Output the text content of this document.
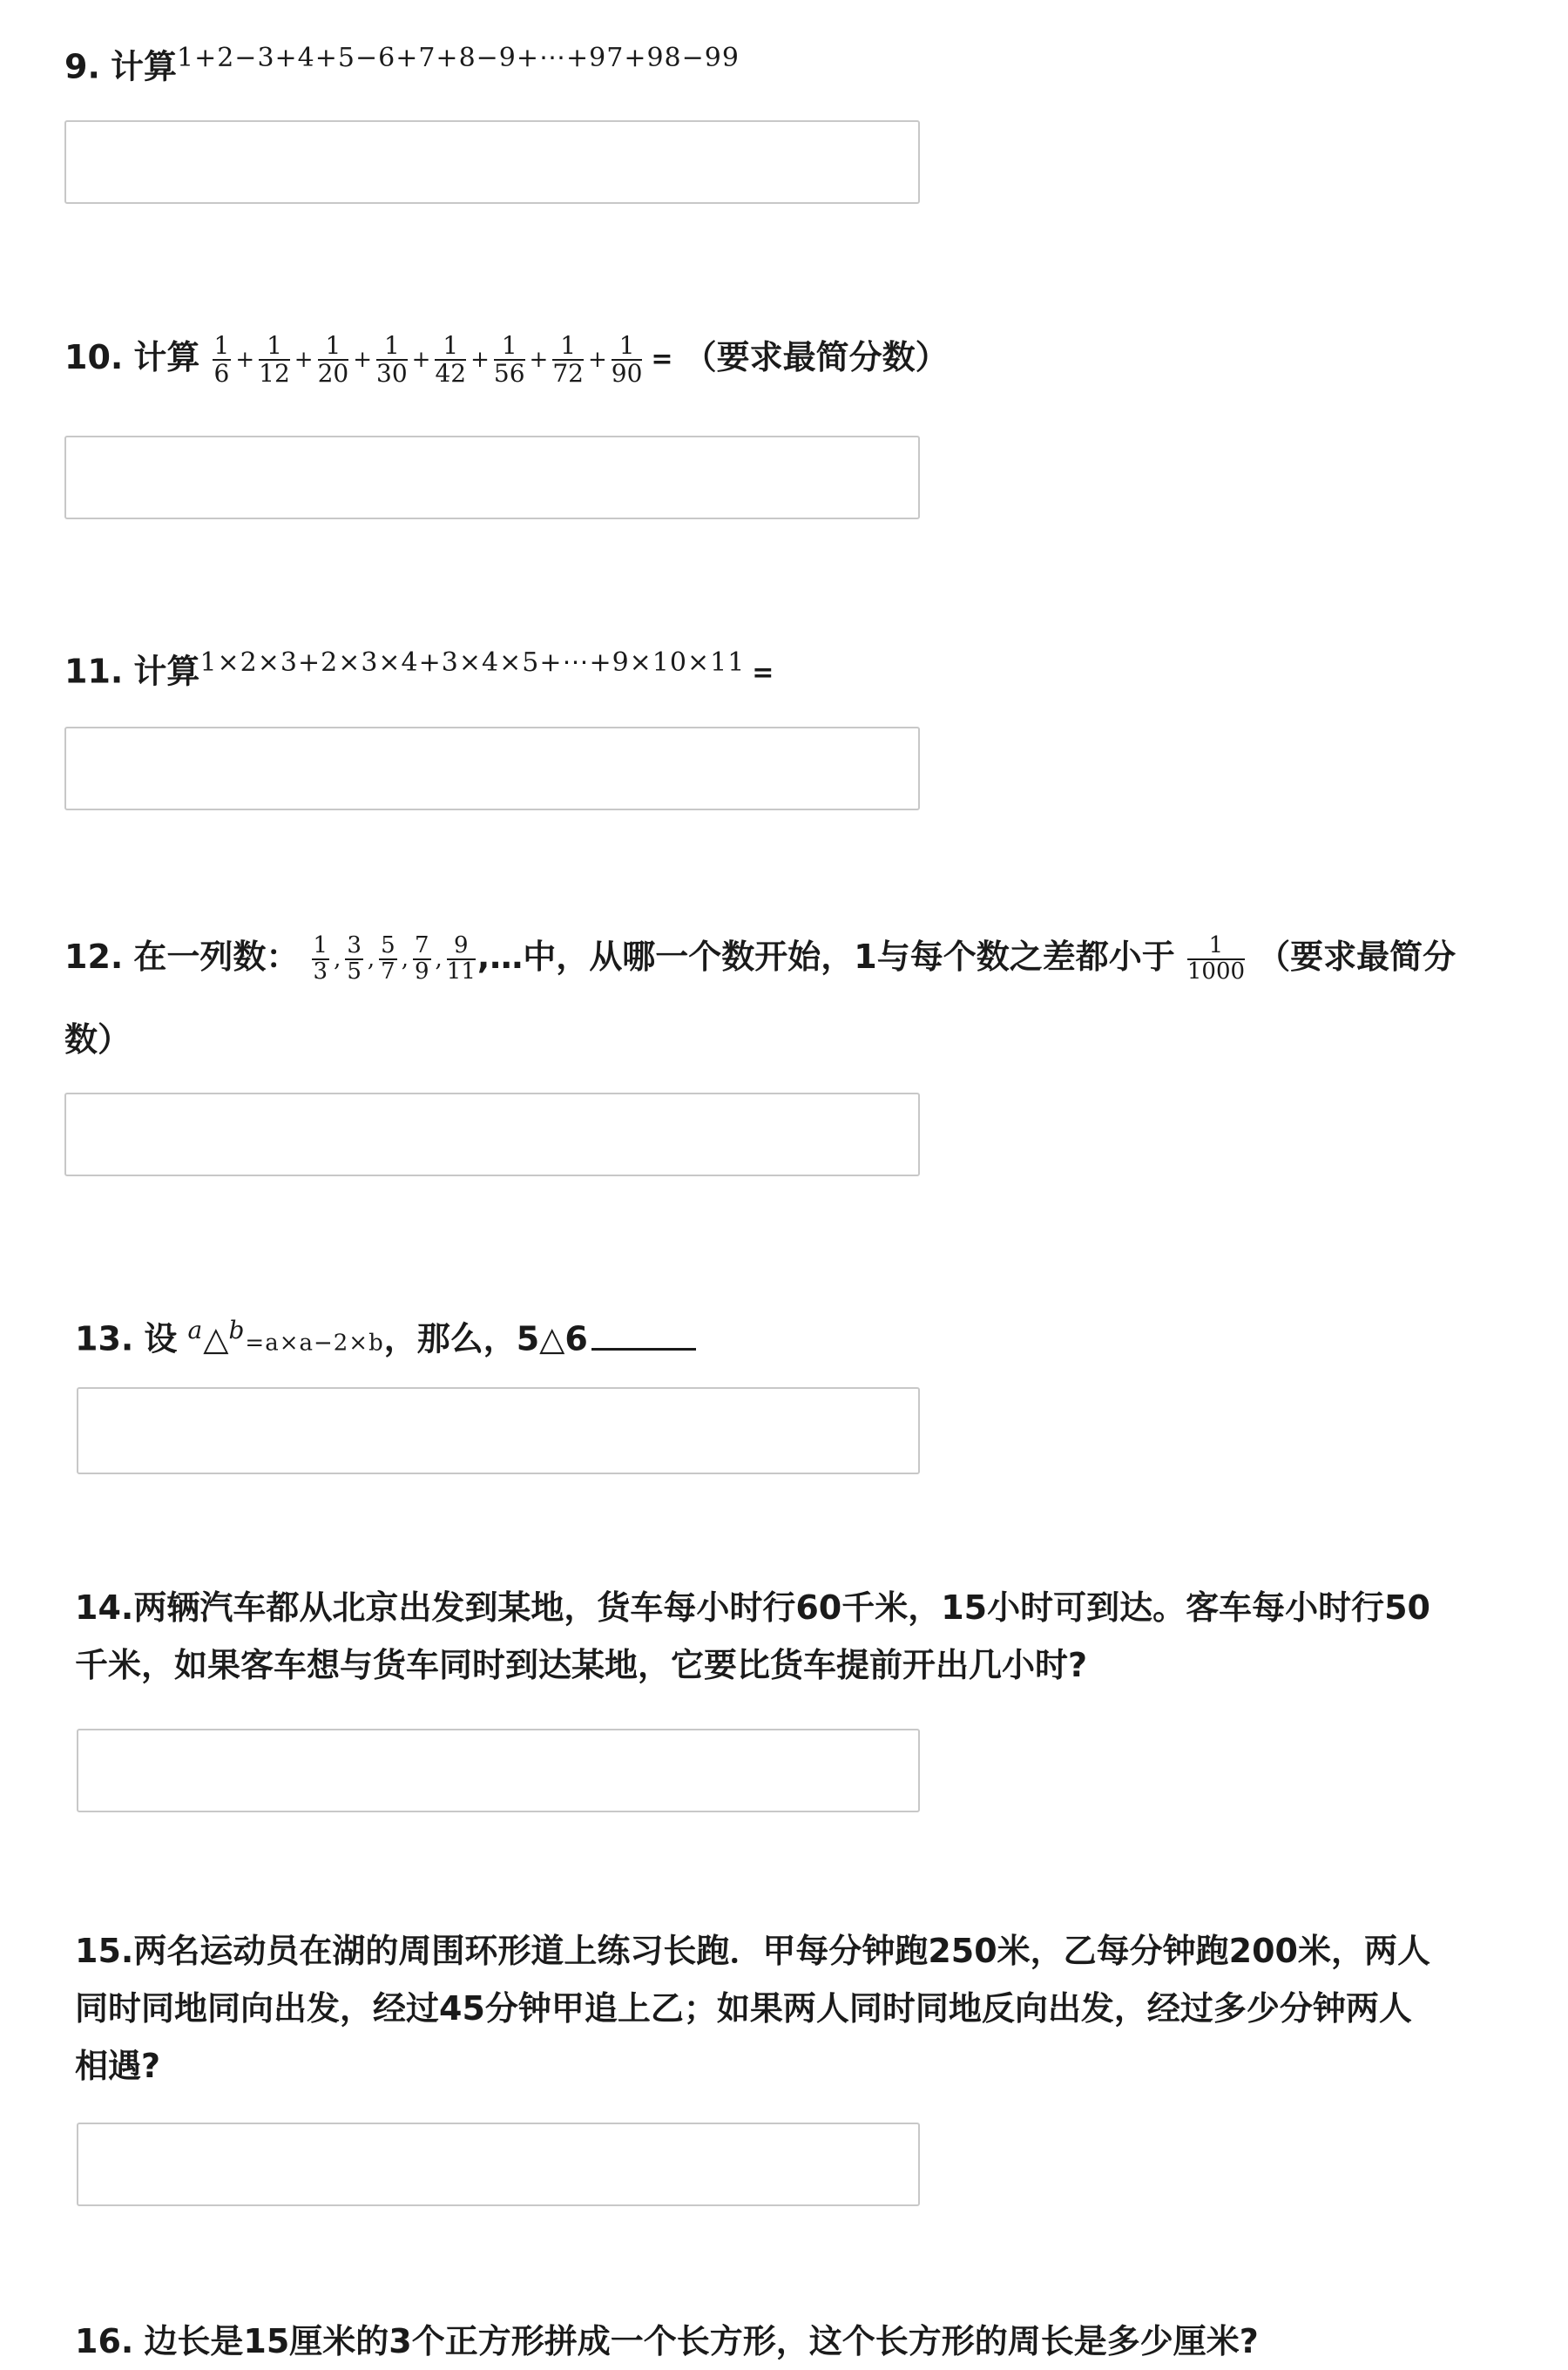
9. 计算$^{1+2-3+4+5-6+7+8-9+\cdots+97+98-99}$
10. 计算 $\frac{1}{6} + \frac{1}{12} + \frac{1}{20} + \frac{1}{30} + \frac{1}{42} + \frac{1}{56} + \frac{1}{72} + \frac{1}{90}$ = （要求最简分数）
11. 计算$^{1\times 2\times 3+2\times 3\times 4+3\times 4\times 5+\cdots+9\times 10\times 11}$ =
12. 在一列数： $\frac{1}{3}$ , $\frac{3}{5}$ , $\frac{5}{7}$ , $\frac{7}{9}$ , $\frac{9}{11}$ ,…中，从哪一个数开始，1与每个数之差都小于 $\frac{1}{1000}$ （要求最简分
数）
13. 设 $^a$△$^b$=a×a−2×b，那么，5△6
14.两辆汽车都从北京出发到某地，货车每小时行60千米，15小时可到达。客车每小时行50
千米，如果客车想与货车同时到达某地，它要比货车提前开出几小时?
15.两名运动员在湖的周围环形道上练习长跑．甲每分钟跑250米，乙每分钟跑200米，两人
同时同地同向出发，经过45分钟甲追上乙；如果两人同时同地反向出发，经过多少分钟两人
相遇?
16. 边长是15厘米的3个正方形拼成一个长方形，这个长方形的周长是多少厘米?
